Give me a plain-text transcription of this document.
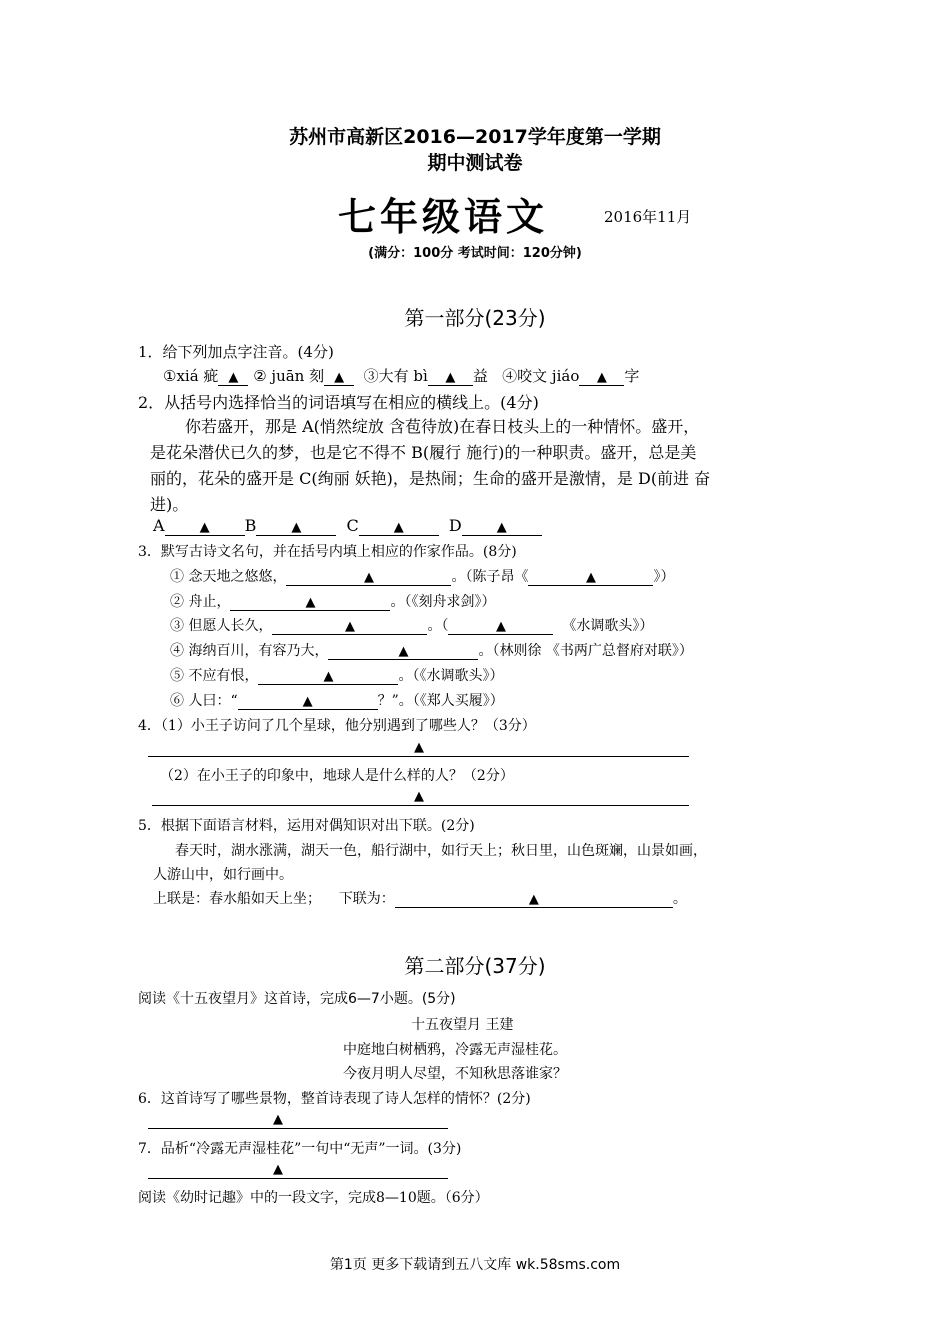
苏州市高新区2016—2017学年度第一学期
期中测试卷
七年级语文	2016年11月
(满分：100分 考试时间：120分钟)
第一部分(23分)
1．给下列加点字注音。(4分)
①xiá 疵 ▲ ② juān 刻 ▲ ③大有 bì ▲ 益 ④咬文 jiáo ▲ 字
2．从括号内选择恰当的词语填写在相应的横线上。(4分)
你若盛开，那是 A(悄然绽放 含苞待放)在春日枝头上的一种情怀。盛开，
是花朵潜伏已久的梦，也是它不得不 B(履行 施行)的一种职责。盛开，总是美
丽的，花朵的盛开是 C(绚丽 妖艳)，是热闹；生命的盛开是激情，是 D(前进 奋
进)。
A	▲ B	▲	C	▲	D	▲
3．默写古诗文名句，并在括号内填上相应的作家作品。(8分)
① 念天地之悠悠，	▲	。（陈子昂《	▲	》）
② 舟止，	▲	。（《刻舟求剑》）
③ 但愿人长久，	▲	。（	▲	《水调歌头》）
④ 海纳百川，有容乃大，	▲	。（林则徐 《书两广总督府对联》）
⑤ 不应有恨，	▲	。（《水调歌头》）
⑥ 人曰：“	▲	？”。（《郑人买履》）
4．（1）小王子访问了几个星球，他分别遇到了哪些人？（3分）
▲
（2）在小王子的印象中，地球人是什么样的人？（2分）
▲
5．根据下面语言材料，运用对偶知识对出下联。(2分)
春天时，湖水涨满，湖天一色，船行湖中，如行天上；秋日里，山色斑斓，山景如画，
人游山中，如行画中。
上联是：春水船如天上坐； 下联为：	▲	。
第二部分(37分)
阅读《十五夜望月》这首诗，完成6—7小题。(5分)
十五夜望月 王建
中庭地白树栖鸦，冷露无声湿桂花。
今夜月明人尽望，不知秋思落谁家？
6．这首诗写了哪些景物，整首诗表现了诗人怎样的情怀？(2分)
▲
7．品析“冷露无声湿桂花”一句中“无声”一词。(3分)
▲
阅读《幼时记趣》中的一段文字，完成8—10题。（6分）
第1页 更多下载请到五八文库 wk.58sms.com
